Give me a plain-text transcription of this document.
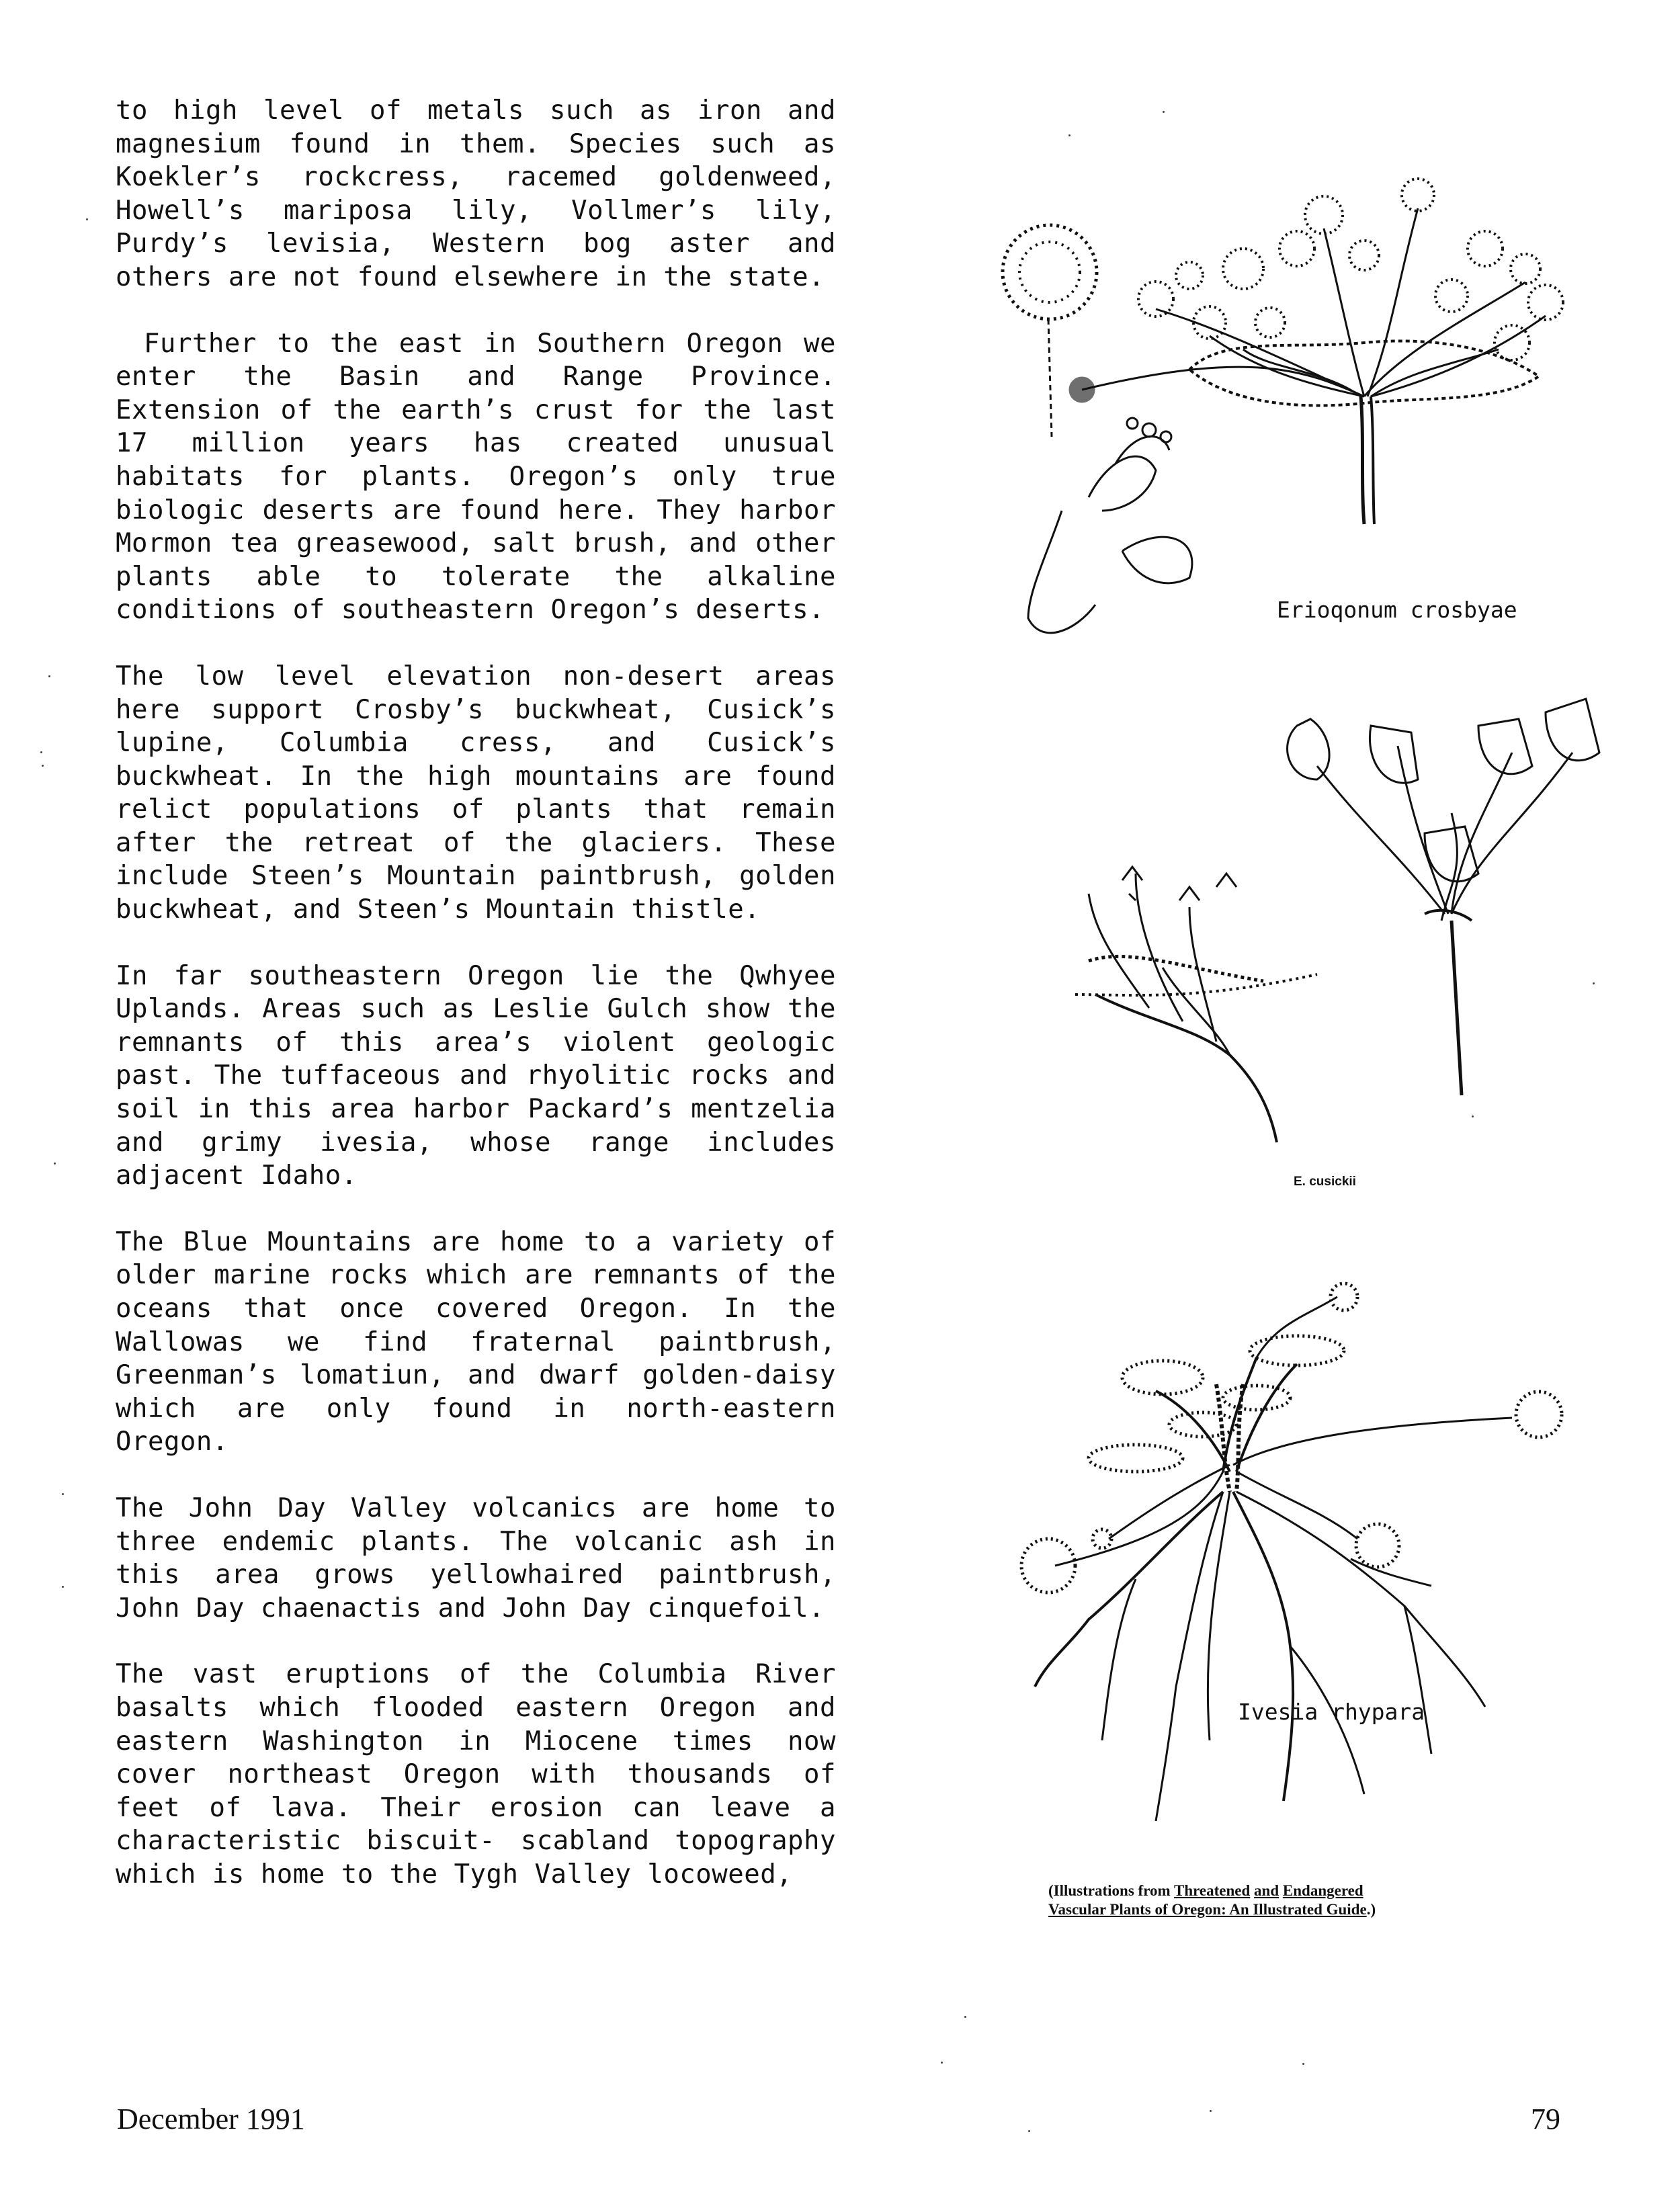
to high level of metals such as iron and magnesium found in them. Species such as Koekler’s rockcress, racemed goldenweed, Howell’s mariposa lily, Vollmer’s lily, Purdy’s levisia, Western bog aster and others are not found elsewhere in the state.

Further to the east in Southern Oregon we enter the Basin and Range Province. Extension of the earth’s crust for the last 17 million years has created unusual habitats for plants. Oregon’s only true biologic deserts are found here. They harbor Mormon tea greasewood, salt brush, and other plants able to tolerate the alkaline conditions of southeastern Oregon’s deserts.

The low level elevation non-desert areas here support Crosby’s buckwheat, Cusick’s lupine, Columbia cress, and Cusick’s buckwheat. In the high mountains are found relict populations of plants that remain after the retreat of the glaciers. These include Steen’s Mountain paintbrush, golden buckwheat, and Steen’s Mountain thistle.

In far southeastern Oregon lie the Qwhyee Uplands. Areas such as Leslie Gulch show the remnants of this area’s violent geologic past. The tuffaceous and rhyolitic rocks and soil in this area harbor Packard’s mentzelia and grimy ivesia, whose range includes adjacent Idaho.

The Blue Mountains are home to a variety of older marine rocks which are remnants of the oceans that once covered Oregon. In the Wallowas we find fraternal paintbrush, Greenman’s lomatiun, and dwarf golden-daisy which are only found in north-eastern Oregon.

The John Day Valley volcanics are home to three endemic plants. The volcanic ash in this area grows yellowhaired paintbrush, John Day chaenactis and John Day cinquefoil.

The vast eruptions of the Columbia River basalts which flooded eastern Oregon and eastern Washington in Miocene times now cover northeast Oregon with thousands of feet of lava. Their erosion can leave a characteristic biscuit- scabland topography which is home to the Tygh Valley locoweed,

Erioqonum crosbyae
E. cusickii
Ivesia rhypara
(Illustrations from Threatened and Endangered
Vascular Plants of Oregon: An Illustrated Guide.)
December 1991	79
